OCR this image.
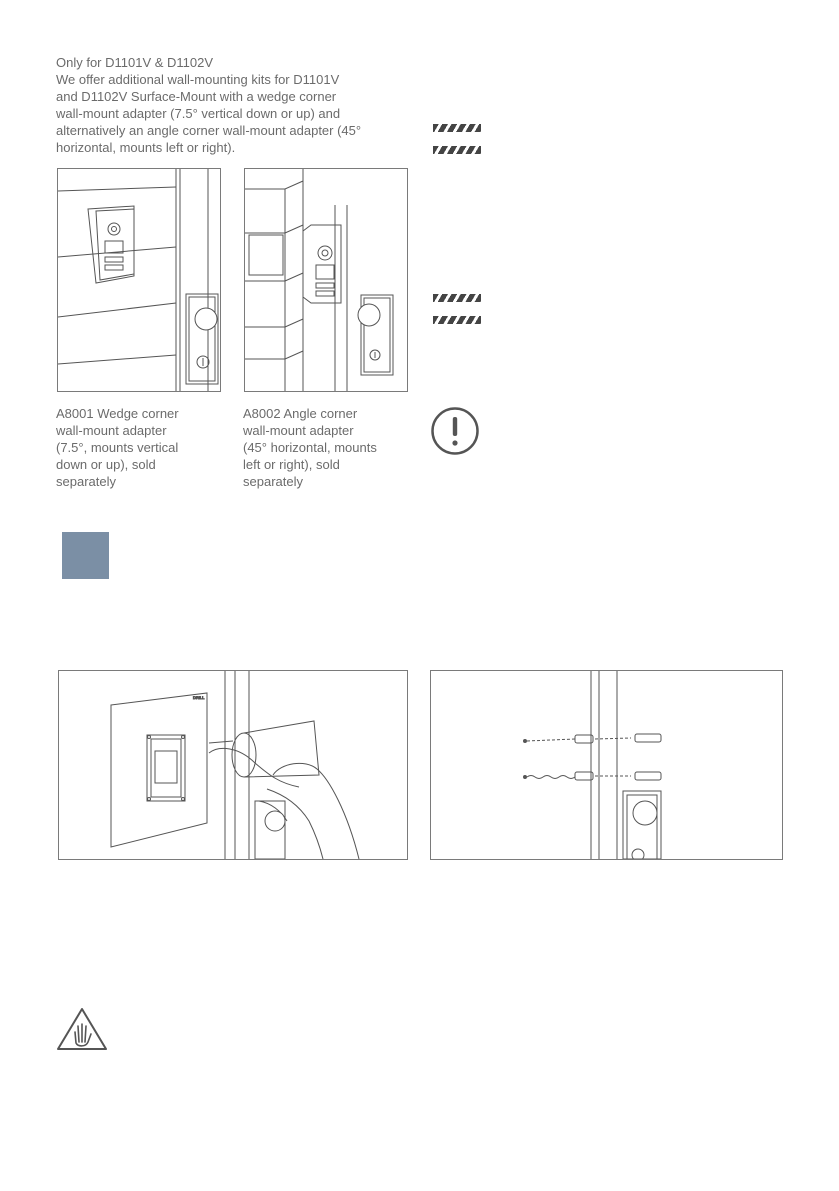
Only for D1101V & D1102V
We offer additional wall-mounting kits for D1101V
and D1102V Surface-Mount with a wedge corner
wall-mount adapter (7.5° vertical down or up) and
alternatively an angle corner wall-mount adapter (45°
horizontal, mounts left or right).
A8001 Wedge corner
wall-mount adapter
(7.5°, mounts vertical
down or up), sold
separately
A8002 Angle corner
wall-mount adapter
(45° horizontal, mounts
left or right), sold
separately
DRILL
